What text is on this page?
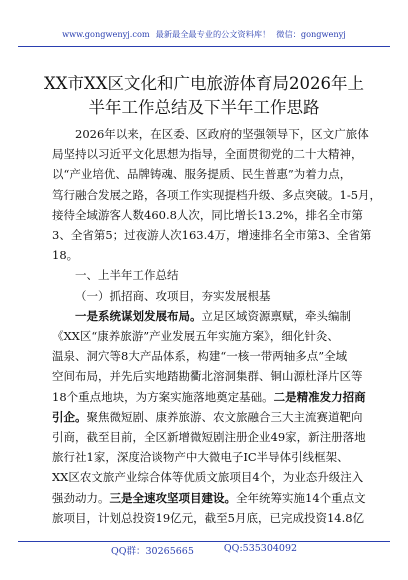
www.gongwenyj.com 最新最全最专业的公文资料库！ 微信：gongwenyj
XX市XX区文化和广电旅游体育局2026年上
半年工作总结及下半年工作思路

2026年以来，在区委、区政府的坚强领导下，区文广旅体

局坚持以习近平文化思想为指导，全面贯彻党的二十大精神，

以“产业培优、品牌铸魂、服务提质、民生普惠”为着力点，

笃行融合发展之路，各项工作实现提档升级、多点突破。1-5月，

接待全域游客人数460.8人次，同比增长13.2%，排名全市第

3、全省第5；过夜游人次163.4万，增速排名全市第3、全省第

18。

一、上半年工作总结

（一）抓招商、攻项目，夯实发展根基

一是系统谋划发展布局。立足区域资源禀赋，牵头编制

《XX区“康养旅游”产业发展五年实施方案》，细化针灸、

温泉、洞穴等8大产品体系，构建“一核一带两轴多点”全域

空间布局，并先后实地踏勘衢北溶洞集群、铜山源杜泽片区等

18个重点地块，为方案实施落地奠定基础。二是精准发力招商

引企。聚焦微短剧、康养旅游、农文旅融合三大主流赛道靶向

引商，截至目前，全区新增微短剧注册企业49家，新注册落地

旅行社1家，深度洽谈物产中大微电子IC半导体引线框架、

XX区农文旅产业综合体等优质文旅项目4个，为业态升级注入

强劲动力。三是全速攻坚项目建设。全年统筹实施14个重点文

旅项目，计划总投资19亿元，截至5月底，已完成投资14.8亿

QQ群：30265665	QQ:535304092
